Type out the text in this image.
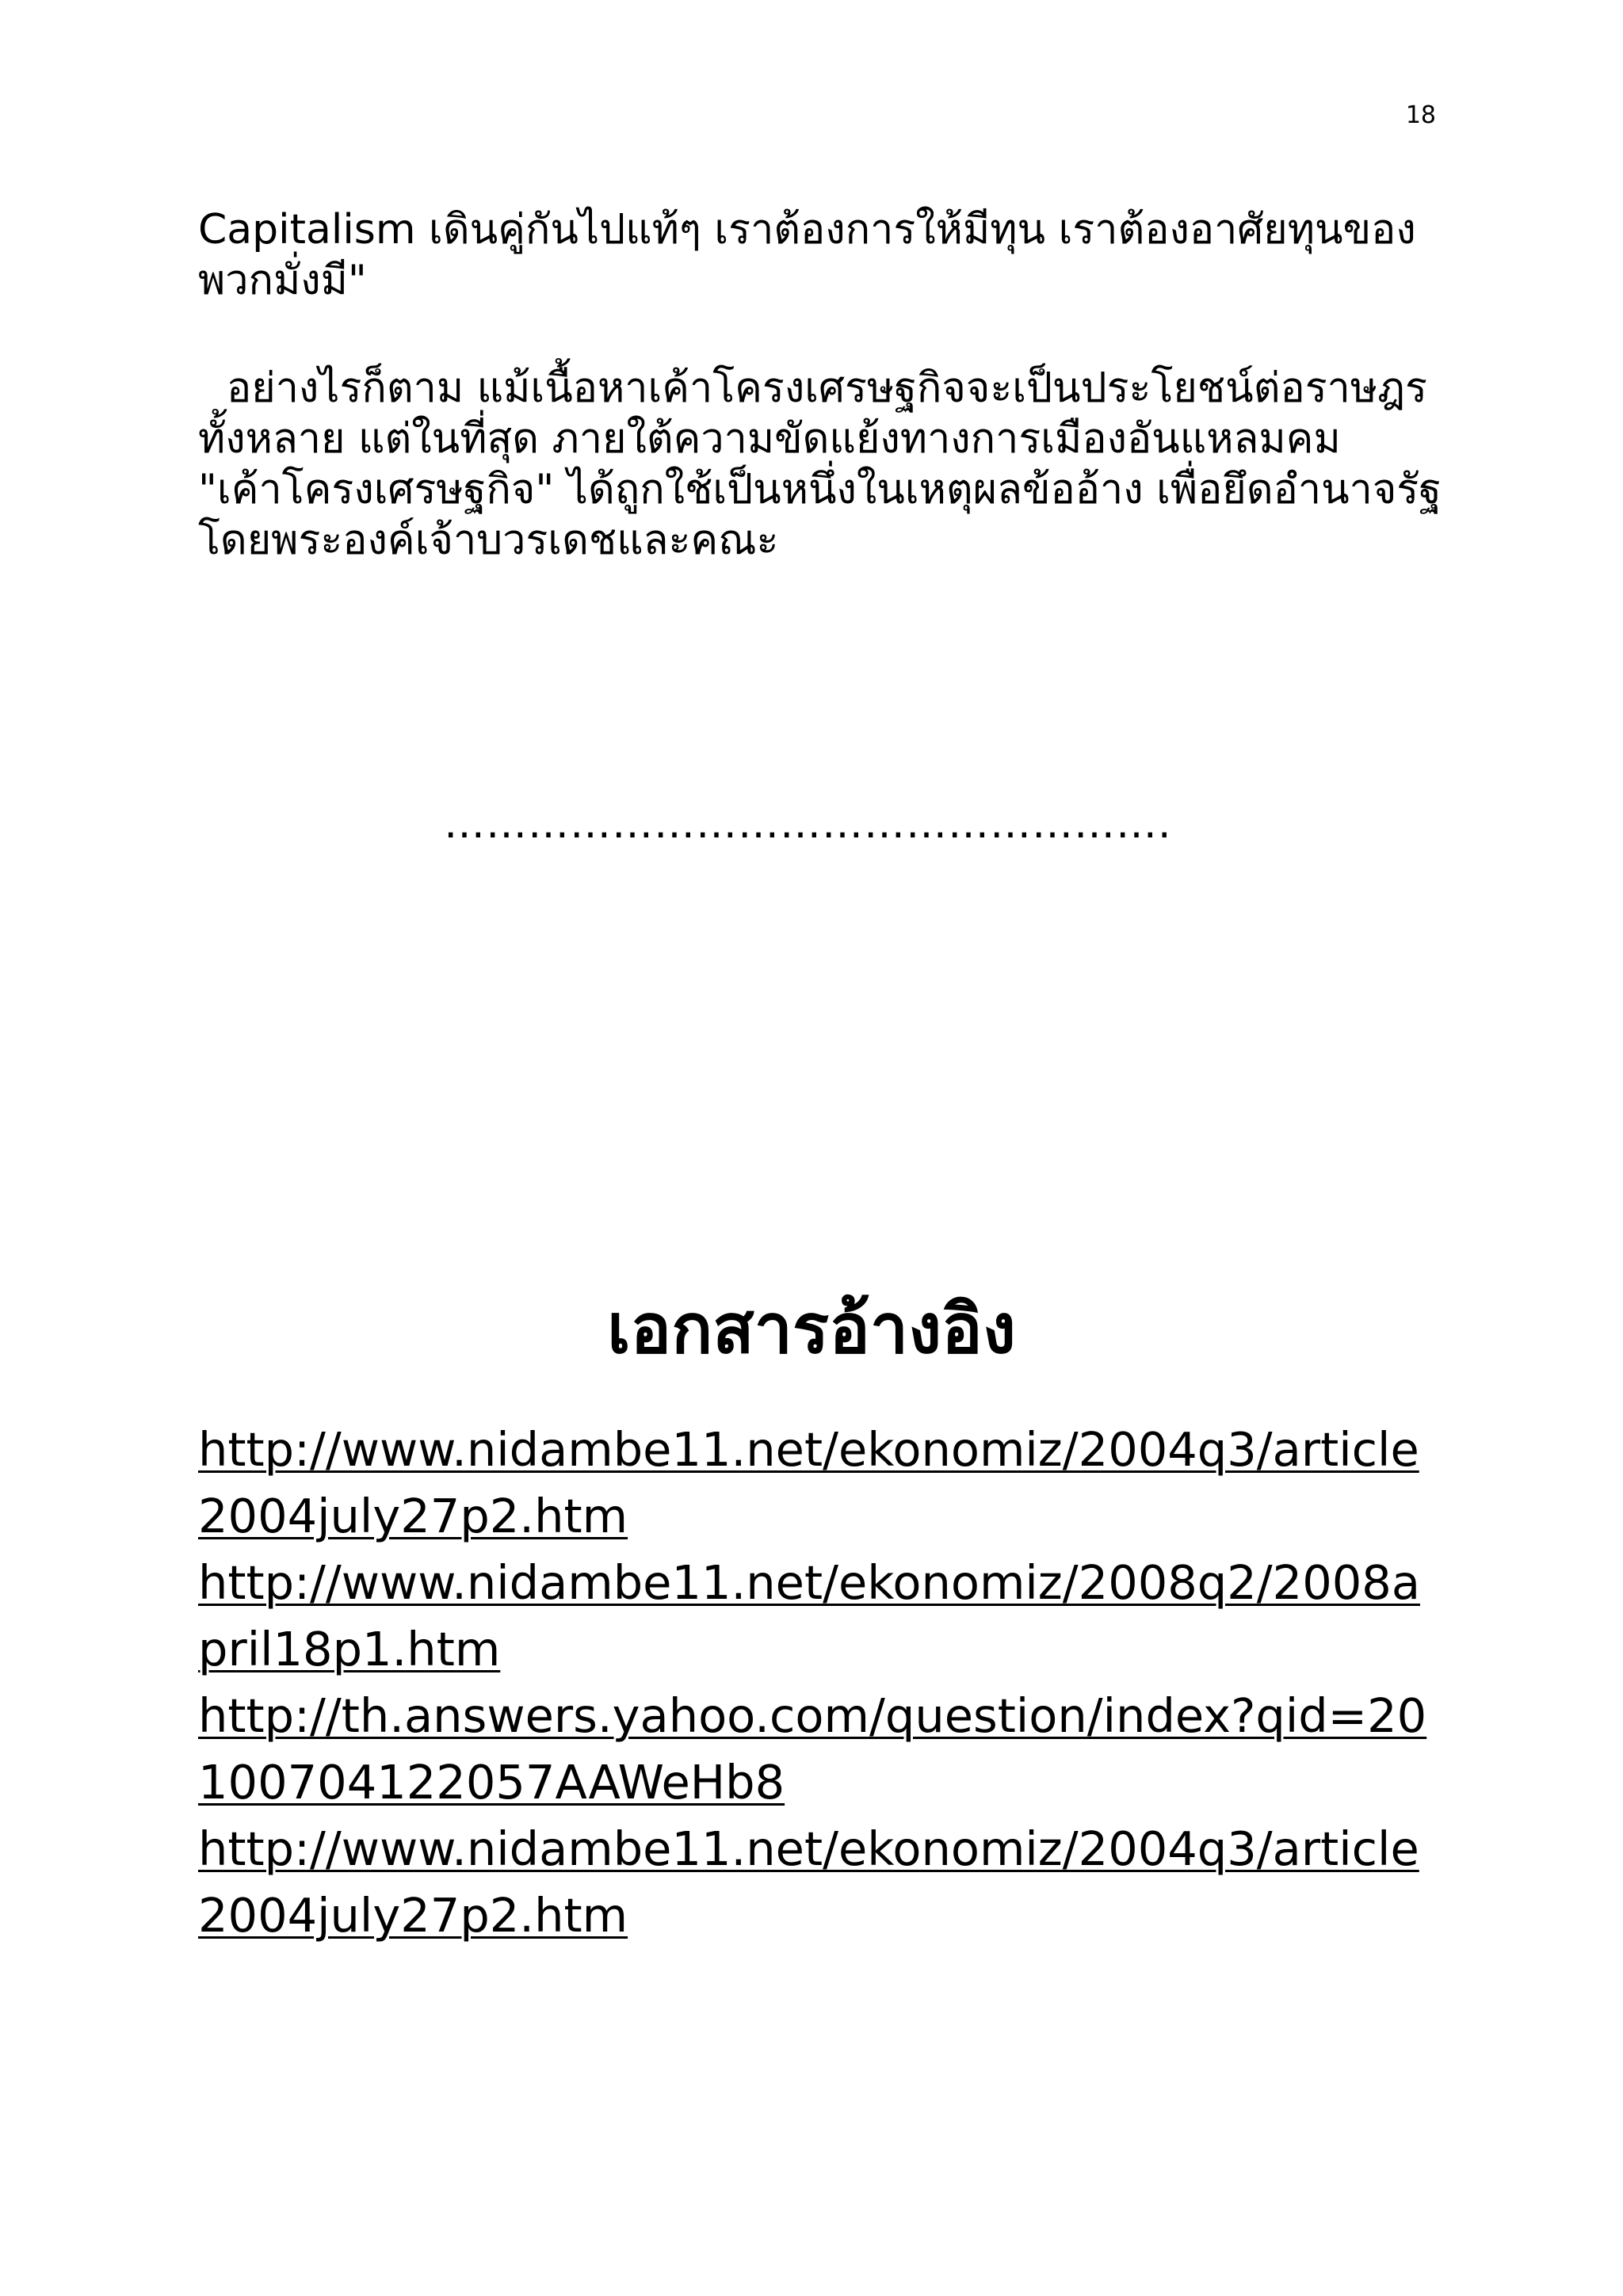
18

Capitalism เดินคู่กันไปแท้ๆ เราต้องการให้มีทุน เราต้องอาศัยทุนของพวกมั่งมี"

อย่างไรก็ตาม แม้เนื้อหาเค้าโครงเศรษฐกิจจะเป็นประโยชน์ต่อราษฎรทั้งหลาย แต่ในที่สุด ภายใต้ความขัดแย้งทางการเมืองอันแหลมคม "เค้าโครงเศรษฐกิจ" ได้ถูกใช้เป็นหนึ่งในเหตุผลข้ออ้าง เพื่อยึดอำนาจรัฐ โดยพระองค์เจ้าบวรเดชและคณะ

…………………………………………….
เอกสารอ้างอิง
http://www.nidambe11.net/ekonomiz/2004q3/article2004july27p2.htm
http://www.nidambe11.net/ekonomiz/2008q2/2008april18p1.htm
http://th.answers.yahoo.com/question/index?qid=20100704122057AAWeHb8
http://www.nidambe11.net/ekonomiz/2004q3/article2004july27p2.htm
